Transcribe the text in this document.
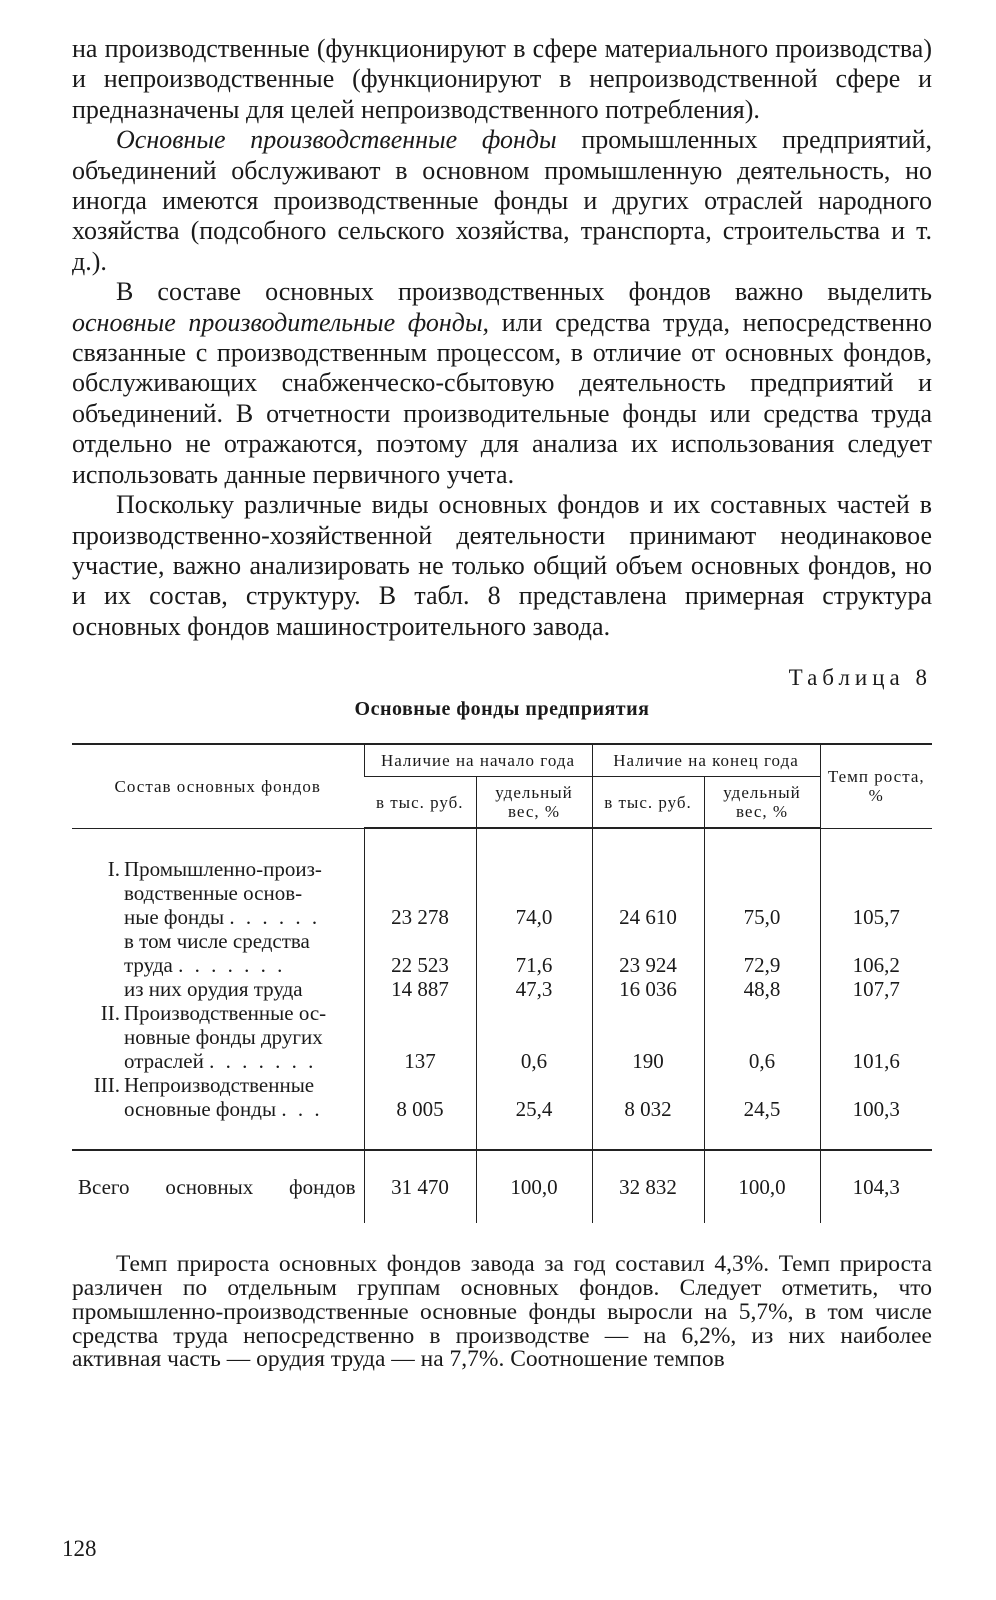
на производственные (функционируют в сфере материального производства) и непроизводственные (функционируют в непроизводственной сфере и предназначены для целей непроизводственного потребления).

Основные производственные фонды промышленных предприятий, объединений обслуживают в основном промышленную деятельность, но иногда имеются производственные фонды и других отраслей народного хозяйства (подсобного сельского хозяйства, транспорта, строительства и т. д.).

В составе основных производственных фондов важно выделить основные производительные фонды, или средства труда, непосредственно связанные с производственным процессом, в отличие от основных фондов, обслуживающих снабженческо-сбытовую деятельность предприятий и объединений. В отчетности производительные фонды или средства труда отдельно не отражаются, поэтому для анализа их использования следует использовать данные первичного учета.

Поскольку различные виды основных фондов и их составных частей в производственно-хозяйственной деятельности принимают неодинаковое участие, важно анализировать не только общий объем основных фондов, но и их состав, структуру. В табл. 8 представлена примерная структура основных фондов машиностроительного завода.

Таблица 8
Основные фонды предприятия
Состав основных фондов	Наличие на начало года		Наличие на конец года		Темп роста, %
	в тыс. руб.	удельный вес, %	в тыс. руб.	удельный вес, %	

I. Промышленно-произ-
водственные основ-
ные фонды . . . . . .	23 278	74,0	24 610	75,0	105,7

в том числе средства
труда . . . . . . .	22 523	71,6	23 924	72,9	106,2

из них орудия труда	14 887	47,3	16 036	48,8	107,7

II. Производственные ос-
новные фонды других
отраслей . . . . . . .	137	0,6	190	0,6	101,6

III. Непроизводственные
основные фонды . . .	8 005	25,4	8 032	24,5	100,3

Всего основных фондов	31 470	100,0	32 832	100,0	104,3

Темп прироста основных фондов завода за год составил 4,3%. Темп прироста различен по отдельным группам основных фондов. Следует отметить, что промышленно-производственные основные фонды выросли на 5,7%, в том числе средства труда непосредственно в производстве — на 6,2%, из них наиболее активная часть — орудия труда — на 7,7%. Соотношение темпов

128
